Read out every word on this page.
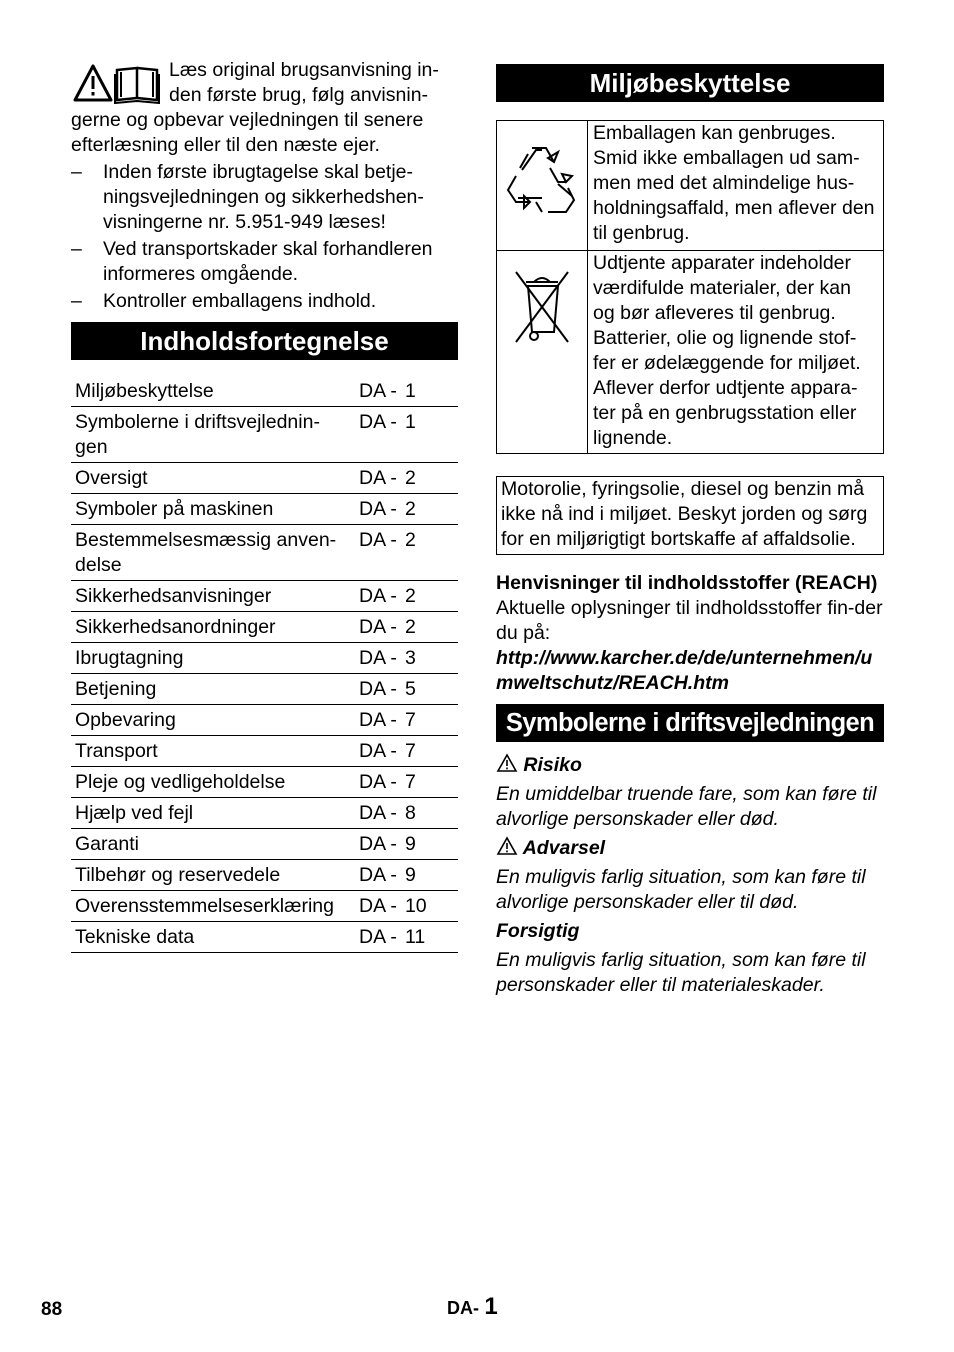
Læs original brugsanvisning in-den første brug, følg anvisnin-gerne og opbevar vejledningen til senere efterlæsning eller til den næste ejer.

– Inden første ibrugtagelse skal betje-ningsvejledningen og sikkerhedshen-visningerne nr. 5.951-949 læses!
– Ved transportskader skal forhandleren informeres omgående.
– Kontroller emballagens indhold.
Indholdsfortegnelse
Miljøbeskyttelse	DA -	1
Symbolerne i driftsvejlednin-gen	DA -	1
Oversigt	DA -	2
Symboler på maskinen	DA -	2
Bestemmelsesmæssig anven-delse	DA -	2
Sikkerhedsanvisninger	DA -	2
Sikkerhedsanordninger	DA -	2
Ibrugtagning	DA -	3
Betjening	DA -	5
Opbevaring	DA -	7
Transport	DA -	7
Pleje og vedligeholdelse	DA -	7
Hjælp ved fejl	DA -	8
Garanti	DA -	9
Tilbehør og reservedele	DA -	9
Overensstemmelseserklæring	DA -	10
Tekniske data	DA -	11
Miljøbeskyttelse
	Emballagen kan genbruges. Smid ikke emballagen ud sam-men med det almindelige hus-holdningsaffald, men aflever den til genbrug.
	Udtjente apparater indeholder værdifulde materialer, der kan og bør afleveres til genbrug. Batterier, olie og lignende stof-fer er ødelæggende for miljøet. Aflever derfor udtjente appara-ter på en genbrugsstation eller lignende.
Motorolie, fyringsolie, diesel og benzin må ikke nå ind i miljøet. Beskyt jorden og sørg for en miljørigtigt bortskaffe af affaldsolie.

Henvisninger til indholdsstoffer (REACH)

Aktuelle oplysninger til indholdsstoffer fin-der du på:

http://www.karcher.de/de/unternehmen/umweltschutz/REACH.htm

Symbolerne i driftsvejledningen

Risiko

En umiddelbar truende fare, som kan føre til alvorlige personskader eller død.

Advarsel

En muligvis farlig situation, som kan føre til alvorlige personskader eller til død.

Forsigtig

En muligvis farlig situation, som kan føre til personskader eller til materialeskader.

88	DA- 1
